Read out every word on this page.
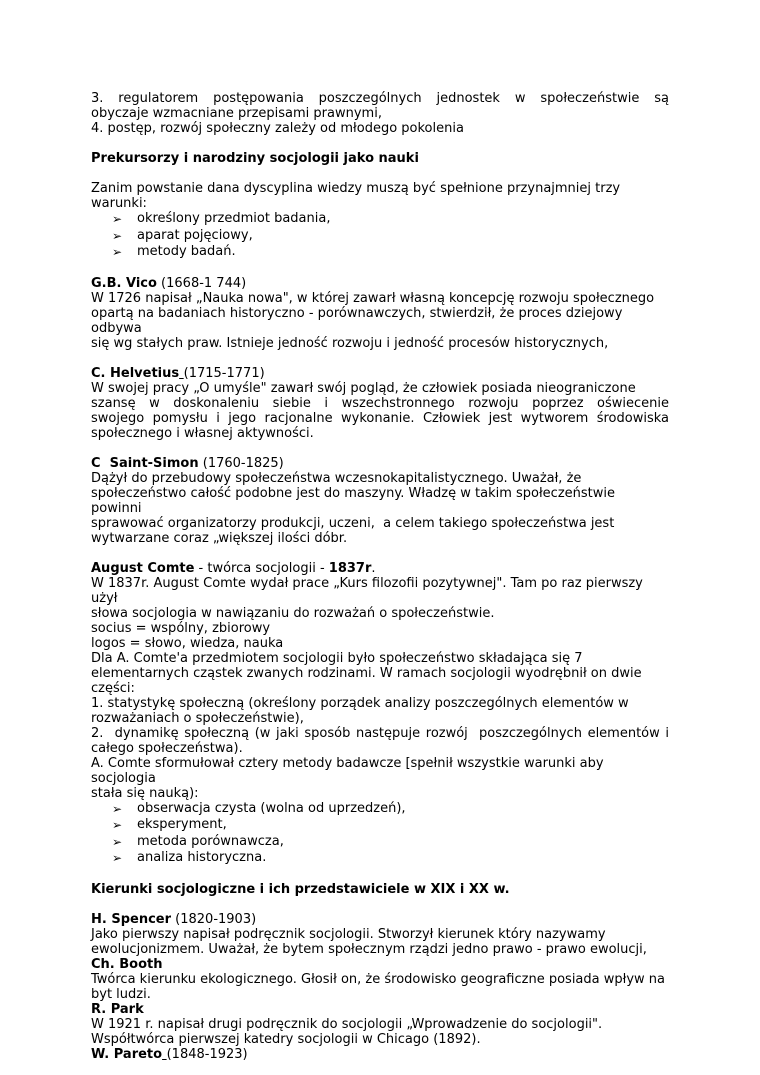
3. regulatorem postępowania poszczególnych jednostek w społeczeństwie są

obyczaje wzmacniane przepisami prawnymi,

4. postęp, rozwój społeczny zależy od młodego pokolenia

Prekursorzy i narodziny socjologii jako nauki

Zanim powstanie dana dyscyplina wiedzy muszą być spełnione przynajmniej trzy warunki:

➢ określony przedmiot badania,
➢ aparat pojęciowy,
➢ metody badań.

G.B. Vico (1668-1 744)

W 1726 napisał „Nauka nowa", w której zawarł własną koncepcję rozwoju społecznego

opartą na badaniach historyczno - porównawczych, stwierdził, że proces dziejowy odbywa

się wg stałych praw. Istnieje jedność rozwoju i jedność procesów historycznych,

C. Helvetius (1715-1771)

W swojej pracy „O umyśle" zawarł swój pogląd, że człowiek posiada nieograniczone

szansę w doskonaleniu siebie i wszechstronnego rozwoju poprzez oświecenie

swojego pomysłu i jego racjonalne wykonanie. Człowiek jest wytworem środowiska

społecznego i własnej aktywności.

C  Saint-Simon (1760-1825)

Dążył do przebudowy społeczeństwa wczesnokapitalistycznego. Uważał, że

społeczeństwo całość podobne jest do maszyny. Władzę w takim społeczeństwie powinni

sprawować organizatorzy produkcji, uczeni,  a celem takiego społeczeństwa jest

wytwarzane coraz „większej ilości dóbr.

August Comte - twórca socjologii - 1837r.

W 1837r. August Comte wydał prace „Kurs filozofii pozytywnej". Tam po raz pierwszy użył

słowa socjologia w nawiązaniu do rozważań o społeczeństwie.

socius = wspólny, zbiorowy

logos = słowo, wiedza, nauka

Dla A. Comte'a przedmiotem socjologii było społeczeństwo składająca się 7

elementarnych cząstek zwanych rodzinami. W ramach socjologii wyodrębnił on dwie

części:

1. statystykę społeczną (określony porządek analizy poszczególnych elementów w

rozważaniach o społeczeństwie),

2.  dynamikę społeczną (w jaki sposób następuje rozwój  poszczególnych elementów i

całego społeczeństwa).

A. Comte sformułował cztery metody badawcze [spełnił wszystkie warunki aby socjologia

stała się nauką):

➢ obserwacja czysta (wolna od uprzedzeń),
➢ eksperyment,
➢ metoda porównawcza,
➢ analiza historyczna.

Kierunki socjologiczne i ich przedstawiciele w XIX i XX w.

H. Spencer (1820-1903)

Jako pierwszy napisał podręcznik socjologii. Stworzył kierunek który nazywamy

ewolucjonizmem. Uważał, że bytem społecznym rządzi jedno prawo - prawo ewolucji,

Ch. Booth

Twórca kierunku ekologicznego. Głosił on, że środowisko geograficzne posiada wpływ na

byt ludzi.

R. Park

W 1921 r. napisał drugi podręcznik do socjologii „Wprowadzenie do socjologii".

Współtwórca pierwszej katedry socjologii w Chicago (1892).

W. Pareto (1848-1923)
